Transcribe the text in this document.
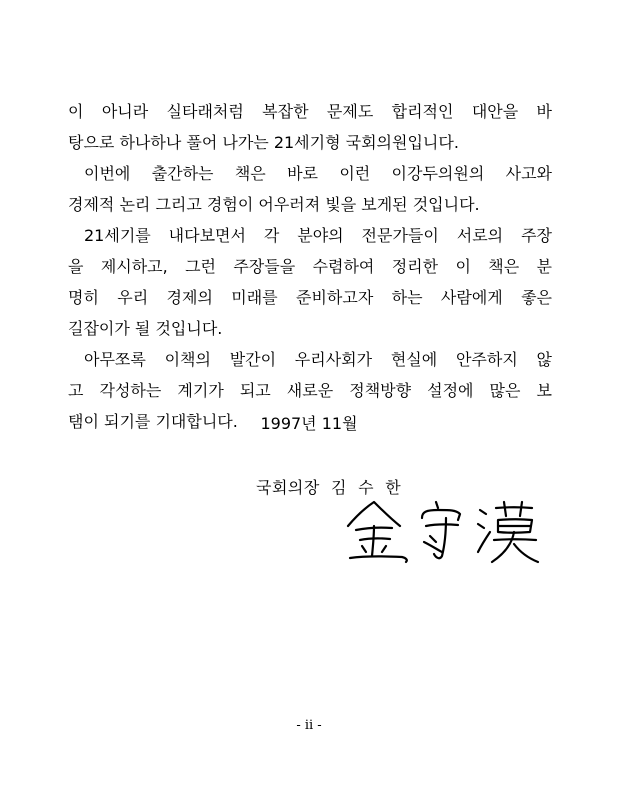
이 아니라 실타래처럼 복잡한 문제도 합리적인 대안을 바
탕으로 하나하나 풀어 나가는 21세기형 국회의원입니다.
이번에 출간하는 책은 바로 이런 이강두의원의 사고와
경제적 논리 그리고 경험이 어우러져 빛을 보게된 것입니다.
21세기를 내다보면서 각 분야의 전문가들이 서로의 주장
을 제시하고, 그런 주장들을 수렴하여 정리한 이 책은 분
명히 우리 경제의 미래를 준비하고자 하는 사람에게 좋은
길잡이가 될 것입니다.
아무쪼록 이책의 발간이 우리사회가 현실에 안주하지 않
고 각성하는 계기가 되고 새로운 정책방향 설정에 많은 보
탬이 되기를 기대합니다.	1997년 11월
국회의장  김  수  한
- ii -
